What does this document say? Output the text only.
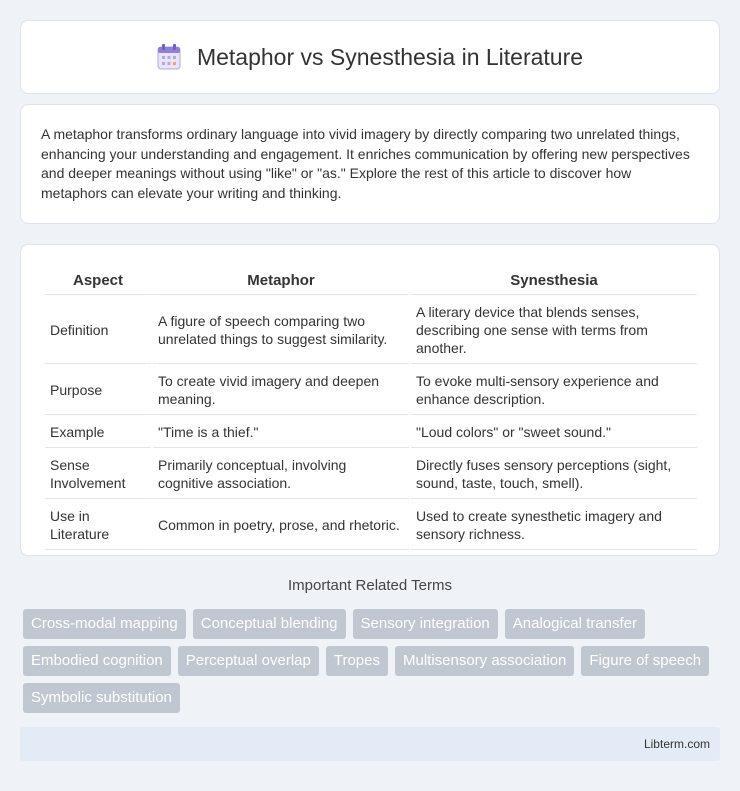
Metaphor vs Synesthesia in Literature

A metaphor transforms ordinary language into vivid imagery by directly comparing two unrelated things, enhancing your understanding and engagement. It enriches communication by offering new perspectives and deeper meanings without using "like" or "as." Explore the rest of this article to discover how metaphors can elevate your writing and thinking.

Aspect	Metaphor	Synesthesia
Definition	A figure of speech comparing two unrelated things to suggest similarity.	A literary device that blends senses, describing one sense with terms from another.
Purpose	To create vivid imagery and deepen meaning.	To evoke multi-sensory experience and enhance description.
Example	"Time is a thief."	"Loud colors" or "sweet sound."
Sense Involvement	Primarily conceptual, involving cognitive association.	Directly fuses sensory perceptions (sight, sound, taste, touch, smell).
Use in Literature	Common in poetry, prose, and rhetoric.	Used to create synesthetic imagery and sensory richness.
Important Related Terms
Cross-modal mapping	Conceptual blending	Sensory integration	Analogical transfer
Embodied cognition	Perceptual overlap	Tropes	Multisensory association	Figure of speech
Symbolic substitution
Libterm.com
